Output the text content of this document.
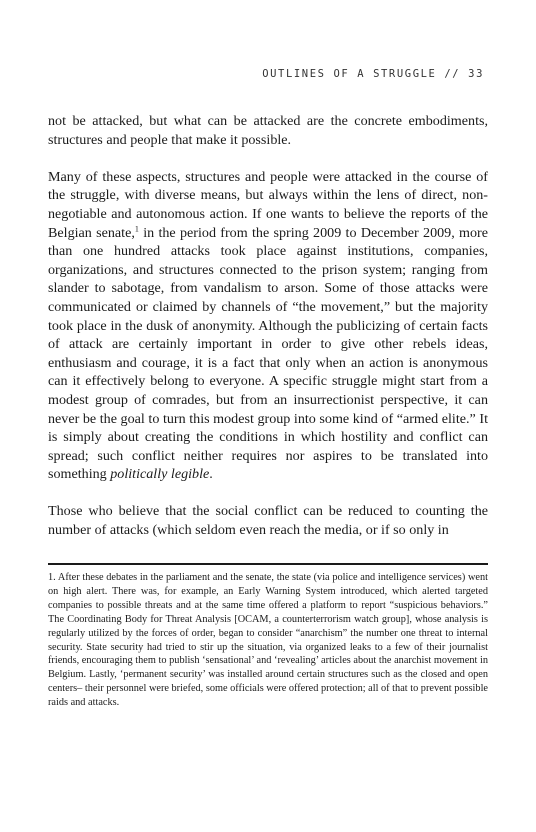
OUTLINES OF A STRUGGLE // 33

not be attacked, but what can be attacked are the concrete embodiments, structures and people that make it possible.

Many of these aspects, structures and people were attacked in the course of the struggle, with diverse means, but always within the lens of direct, non-negotiable and autonomous action. If one wants to believe the reports of the Belgian senate,$^1$ in the period from the spring 2009 to December 2009, more than one hundred attacks took place against institutions, companies, organizations, and structures connected to the prison system; ranging from slander to sabotage, from vandalism to arson. Some of those attacks were communicated or claimed by channels of “the movement,” but the majority took place in the dusk of anonymity. Although the publicizing of certain facts of attack are certainly important in order to give other rebels ideas, enthusiasm and courage, it is a fact that only when an action is anonymous can it effectively belong to everyone. A specific struggle might start from a modest group of comrades, but from an insurrectionist perspective, it can never be the goal to turn this modest group into some kind of “armed elite.” It is simply about creating the conditions in which hostility and conflict can spread; such conflict neither requires nor aspires to be translated into something politically legible.

Those who believe that the social conflict can be reduced to counting the number of attacks (which seldom even reach the media, or if so only in

1. After these debates in the parliament and the senate, the state (via police and intelligence services) went on high alert. There was, for example, an Early Warning System introduced, which alerted targeted companies to possible threats and at the same time offered a platform to report “suspicious behaviors.” The Coordinating Body for Threat Analysis [OCAM, a counterterrorism watch group], whose analysis is regularly utilized by the forces of order, began to consider “anarchism” the number one threat to internal security. State security had tried to stir up the situation, via organized leaks to a few of their journalist friends, encouraging them to publish ‘sensational’ and ‘revealing’ articles about the anarchist movement in Belgium. Lastly, ‘permanent security’ was installed around certain structures such as the closed and open centers– their personnel were briefed, some officials were offered protection; all of that to prevent possible raids and attacks.
